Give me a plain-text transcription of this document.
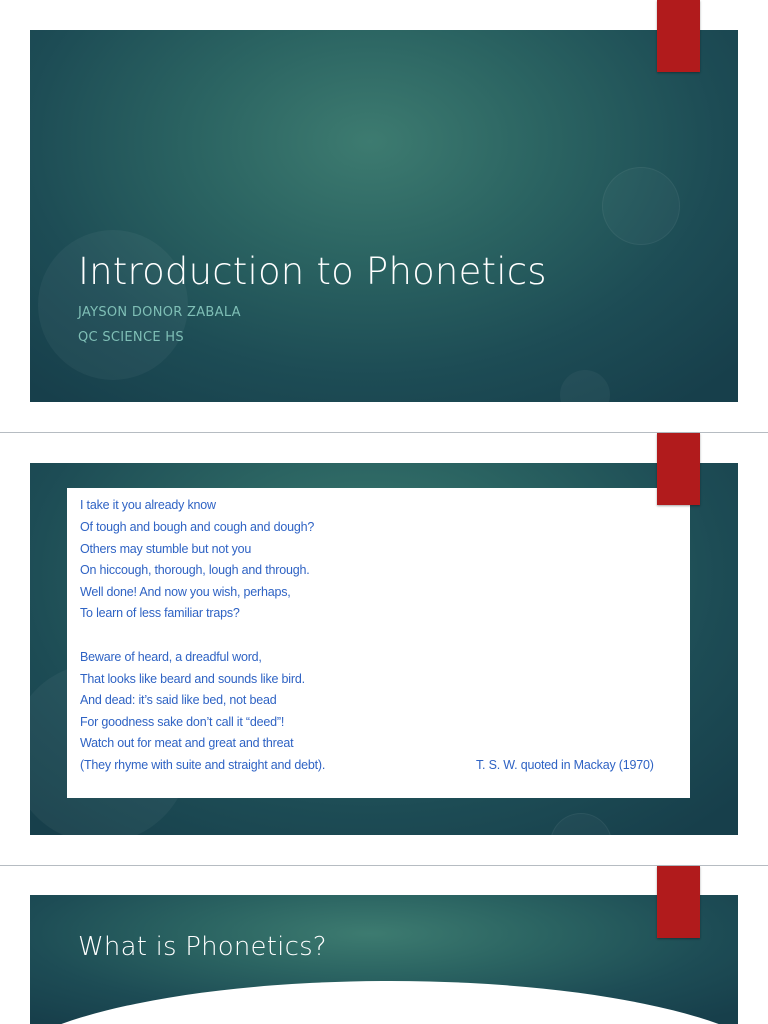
Introduction to Phonetics
JAYSON DONOR ZABALA
QC SCIENCE HS
I take it you already know
Of tough and bough and cough and dough?
Others may stumble but not you
On hiccough, thorough, lough and through.
Well done! And now you wish, perhaps,
To learn of less familiar traps?
Beware of heard, a dreadful word,
That looks like beard and sounds like bird.
And dead: it’s said like bed, not bead
For goodness sake don’t call it “deed”!
Watch out for meat and great and threat
(They rhyme with suite and straight and debt).	T. S. W. quoted in Mackay (1970)
What is Phonetics?
